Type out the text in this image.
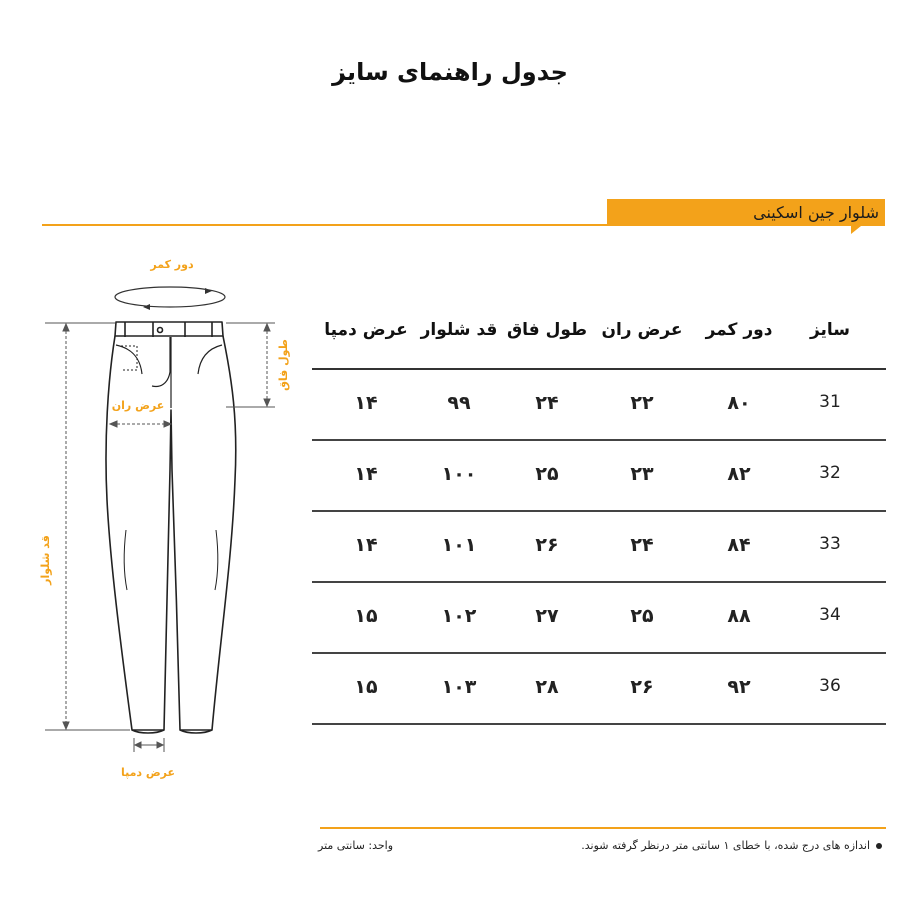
جدول راهنمای سایز
شلوار جین اسکینی
دور کمر
قد شلوار
طول فاق
عرض ران
عرض دمپا
سایز
دور کمر
عرض ران
طول فاق
قد شلوار
عرض دمپا
31
۸۰
۲۲
۲۴
۹۹
۱۴
32
۸۲
۲۳
۲۵
۱۰۰
۱۴
33
۸۴
۲۴
۲۶
۱۰۱
۱۴
34
۸۸
۲۵
۲۷
۱۰۲
۱۵
36
۹۲
۲۶
۲۸
۱۰۳
۱۵
اندازه های درج شده، با خطای ۱ سانتی متر درنظر گرفته شوند.
واحد: سانتی متر
